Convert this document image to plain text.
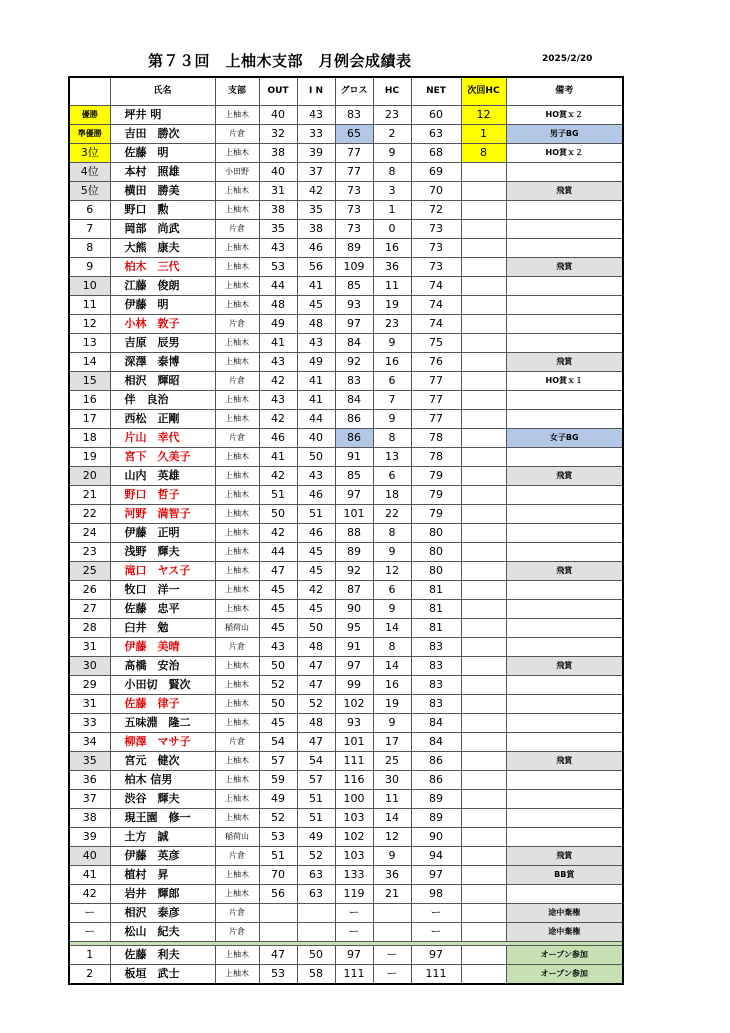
第７３回　上柚木支部　月例会成績表	2025/2/20
	氏名	支部	OUT	I N	グロス	HC	NET	次回HC	備考
優勝	坪井 明	上柚木	40	43	83	23	60	12	HO賞ｘ２
準優勝	吉田　勝次	片倉	32	33	65	2	63	1	男子BG
3位	佐藤　明	上柚木	38	39	77	9	68	8	HO賞ｘ２
4位	本村　照雄	小田野	40	37	77	8	69		
5位	横田　勝美	上柚木	31	42	73	3	70		飛賞
6	野口　勲	上柚木	38	35	73	1	72		
7	岡部　尚武	片倉	35	38	73	0	73		
8	大熊　康夫	上柚木	43	46	89	16	73		
9	柏木　三代	上柚木	53	56	109	36	73		飛賞
10	江藤　俊朗	上柚木	44	41	85	11	74		
11	伊藤　明	上柚木	48	45	93	19	74		
12	小林　敦子	片倉	49	48	97	23	74		
13	吉原　辰男	上柚木	41	43	84	9	75		
14	深澤　泰博	上柚木	43	49	92	16	76		飛賞
15	相沢　輝昭	片倉	42	41	83	6	77		HO賞ｘ１
16	伴　良治	上柚木	43	41	84	7	77		
17	西松　正剛	上柚木	42	44	86	9	77		
18	片山　幸代	片倉	46	40	86	8	78		女子BG
19	宮下　久美子	上柚木	41	50	91	13	78		
20	山内　英雄	上柚木	42	43	85	6	79		飛賞
21	野口　哲子	上柚木	51	46	97	18	79		
22	河野　満智子	上柚木	50	51	101	22	79		
24	伊藤　正明	上柚木	42	46	88	8	80		
23	浅野　輝夫	上柚木	44	45	89	9	80		
25	滝口　ヤス子	上柚木	47	45	92	12	80		飛賞
26	牧口　洋一	上柚木	45	42	87	6	81		
27	佐藤　忠平	上柚木	45	45	90	9	81		
28	臼井　勉	稲荷山	45	50	95	14	81		
31	伊藤　美晴	片倉	43	48	91	8	83		
30	髙橋　安治	上柚木	50	47	97	14	83		飛賞
29	小田切　賢次	上柚木	52	47	99	16	83		
31	佐藤　律子	上柚木	50	52	102	19	83		
33	五味淵　隆二	上柚木	45	48	93	9	84		
34	柳澤　マサ子	片倉	54	47	101	17	84		
35	宮元　健次	上柚木	57	54	111	25	86		飛賞
36	柏木 信男	上柚木	59	57	116	30	86		
37	渋谷　輝夫	上柚木	49	51	100	11	89		
38	現王園　修一	上柚木	52	51	103	14	89		
39	土方　誠	稲荷山	53	49	102	12	90		
40	伊藤　英彦	片倉	51	52	103	9	94		飛賞
41	植村　昇	上柚木	70	63	133	36	97		BB賞
42	岩井　輝郎	上柚木	56	63	119	21	98		
ー	相沢　泰彦	片倉			ー		ー		途中棄権
ー	松山　紀夫	片倉			ー		ー		途中棄権

1	佐藤　利夫	上柚木	47	50	97	ー	97		オープン参加
2	板垣　武士	上柚木	53	58	111	ー	111		オープン参加
